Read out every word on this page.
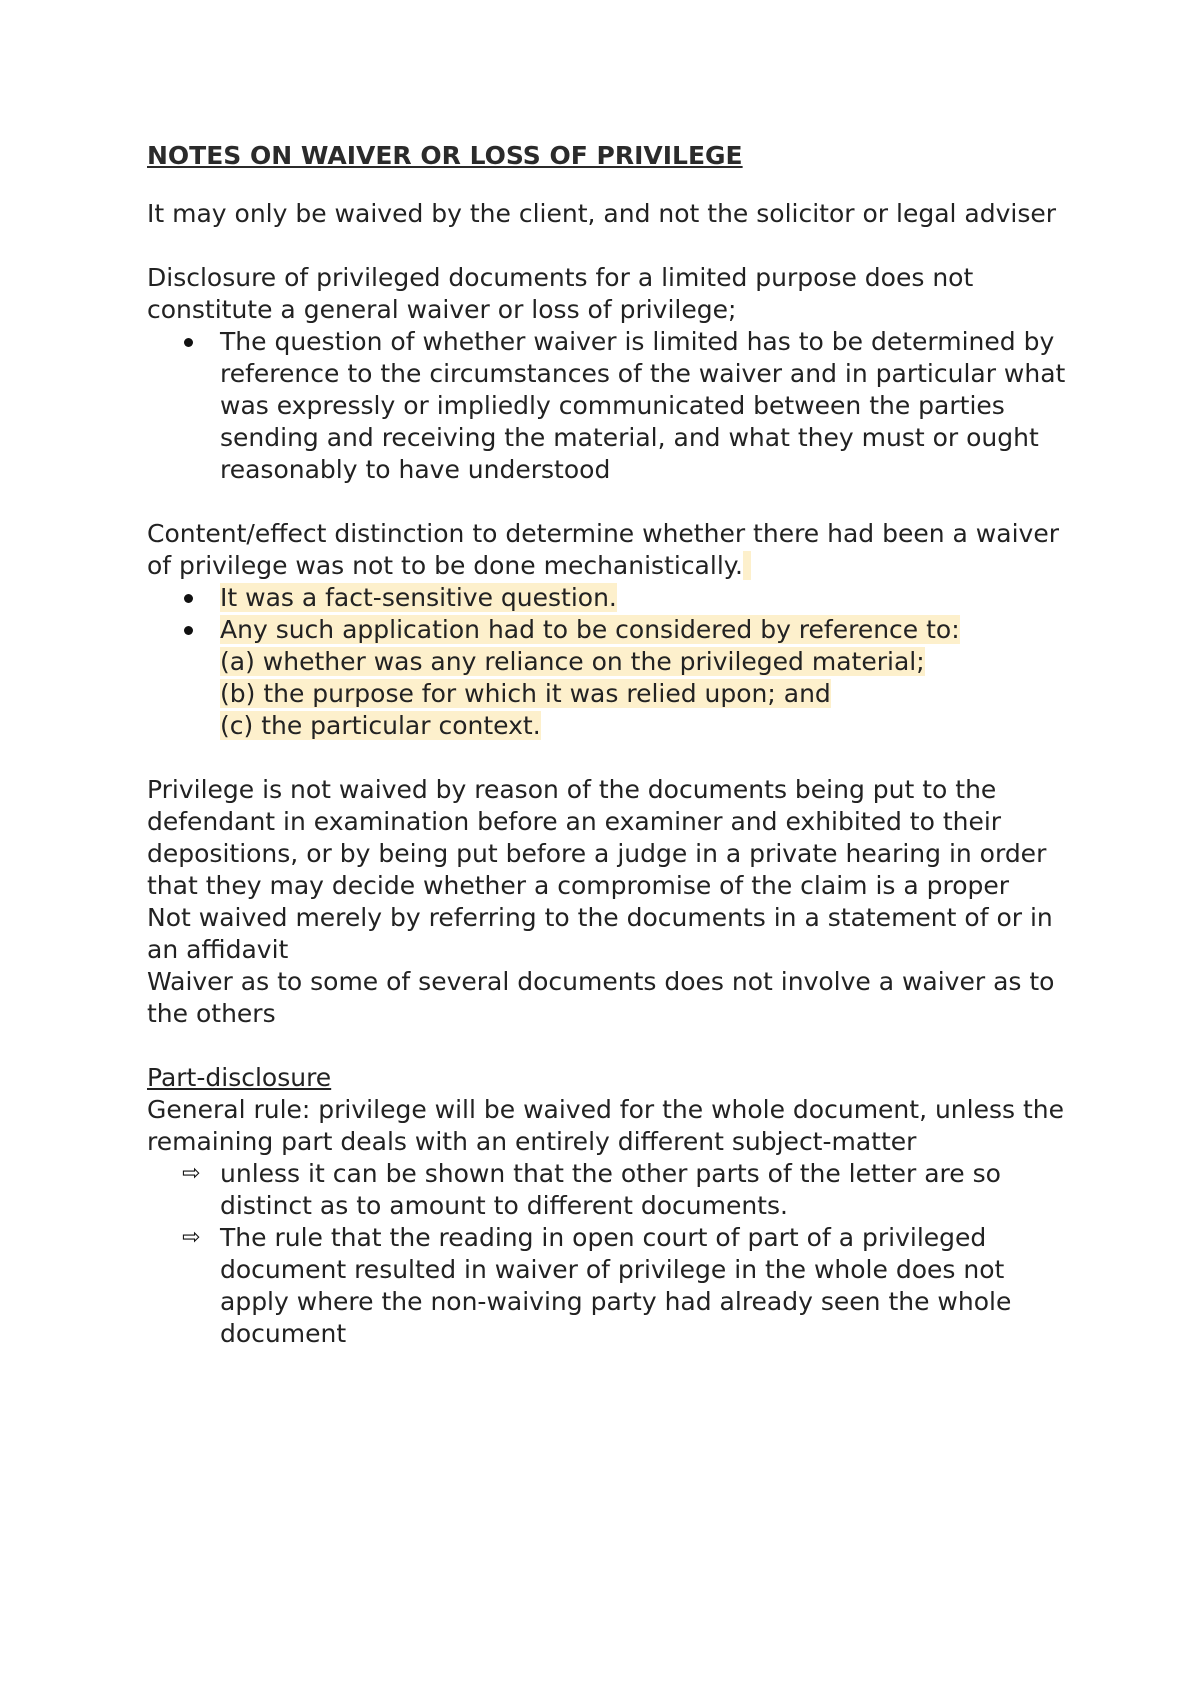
NOTES ON WAIVER OR LOSS OF PRIVILEGE

It may only be waived by the client, and not the solicitor or legal adviser

Disclosure of privileged documents for a limited purpose does not constitute a general waiver or loss of privilege;

The question of whether waiver is limited has to be determined by reference to the circumstances of the waiver and in particular what was expressly or impliedly communicated between the parties sending and receiving the material, and what they must or ought reasonably to have understood

Content/effect distinction to determine whether there had been a waiver of privilege was not to be done mechanistically.

It was a fact-sensitive question.
Any such application had to be considered by reference to:
(a) whether was any reliance on the privileged material;
(b) the purpose for which it was relied upon; and
(c) the particular context.

Privilege is not waived by reason of the documents being put to the defendant in examination before an examiner and exhibited to their depositions, or by being put before a judge in a private hearing in order that they may decide whether a compromise of the claim is a proper

Not waived merely by referring to the documents in a statement of or in an affidavit

Waiver as to some of several documents does not involve a waiver as to the others

Part-disclosure

General rule: privilege will be waived for the whole document, unless the remaining part deals with an entirely different subject-matter

⇨ unless it can be shown that the other parts of the letter are so distinct as to amount to different documents.
⇨ The rule that the reading in open court of part of a privileged document resulted in waiver of privilege in the whole does not apply where the non-waiving party had already seen the whole document
